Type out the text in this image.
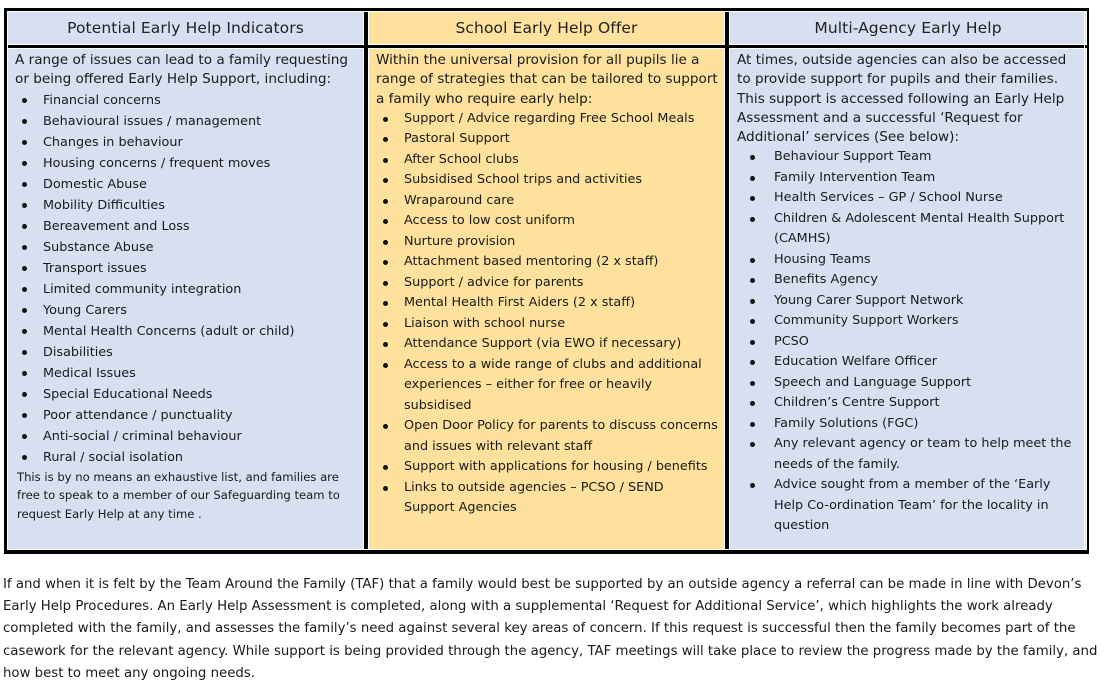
Potential Early Help Indicators	School Early Help Offer	Multi-Agency Early Help

A range of issues can lead to a family requesting or being offered Early Help Support, including:

Financial concerns
Behavioural issues / management
Changes in behaviour
Housing concerns / frequent moves
Domestic Abuse
Mobility Difficulties
Bereavement and Loss
Substance Abuse
Transport issues
Limited community integration
Young Carers
Mental Health Concerns (adult or child)
Disabilities
Medical Issues
Special Educational Needs
Poor attendance / punctuality
Anti-social / criminal behaviour
Rural / social isolation

This is by no means an exhaustive list, and families are free to speak to a member of our Safeguarding team to request Early Help at any time .

Within the universal provision for all pupils lie a range of strategies that can be tailored to support a family who require early help:

Support / Advice regarding Free School Meals
Pastoral Support
After School clubs
Subsidised School trips and activities
Wraparound care
Access to low cost uniform
Nurture provision
Attachment based mentoring (2 x staff)
Support / advice for parents
Mental Health First Aiders (2 x staff)
Liaison with school nurse
Attendance Support (via EWO if necessary)
Access to a wide range of clubs and additional experiences – either for free or heavily subsidised
Open Door Policy for parents to discuss concerns and issues with relevant staff
Support with applications for housing / benefits
Links to outside agencies – PCSO / SEND Support Agencies

At times, outside agencies can also be accessed to provide support for pupils and their families. This support is accessed following an Early Help Assessment and a successful ‘Request for Additional’ services (See below):

Behaviour Support Team
Family Intervention Team
Health Services – GP / School Nurse
Children & Adolescent Mental Health Support (CAMHS)
Housing Teams
Benefits Agency
Young Carer Support Network
Community Support Workers
PCSO
Education Welfare Officer
Speech and Language Support
Children’s Centre Support
Family Solutions (FGC)
Any relevant agency or team to help meet the needs of the family.
Advice sought from a member of the ‘Early Help Co-ordination Team’ for the locality in question

If and when it is felt by the Team Around the Family (TAF) that a family would best be supported by an outside agency a referral can be made in line with Devon’s Early Help Procedures. An Early Help Assessment is completed, along with a supplemental ‘Request for Additional Service’, which highlights the work already completed with the family, and assesses the family’s need against several key areas of concern. If this request is successful then the family becomes part of the casework for the relevant agency. While support is being provided through the agency, TAF meetings will take place to review the progress made by the family, and how best to meet any ongoing needs.
